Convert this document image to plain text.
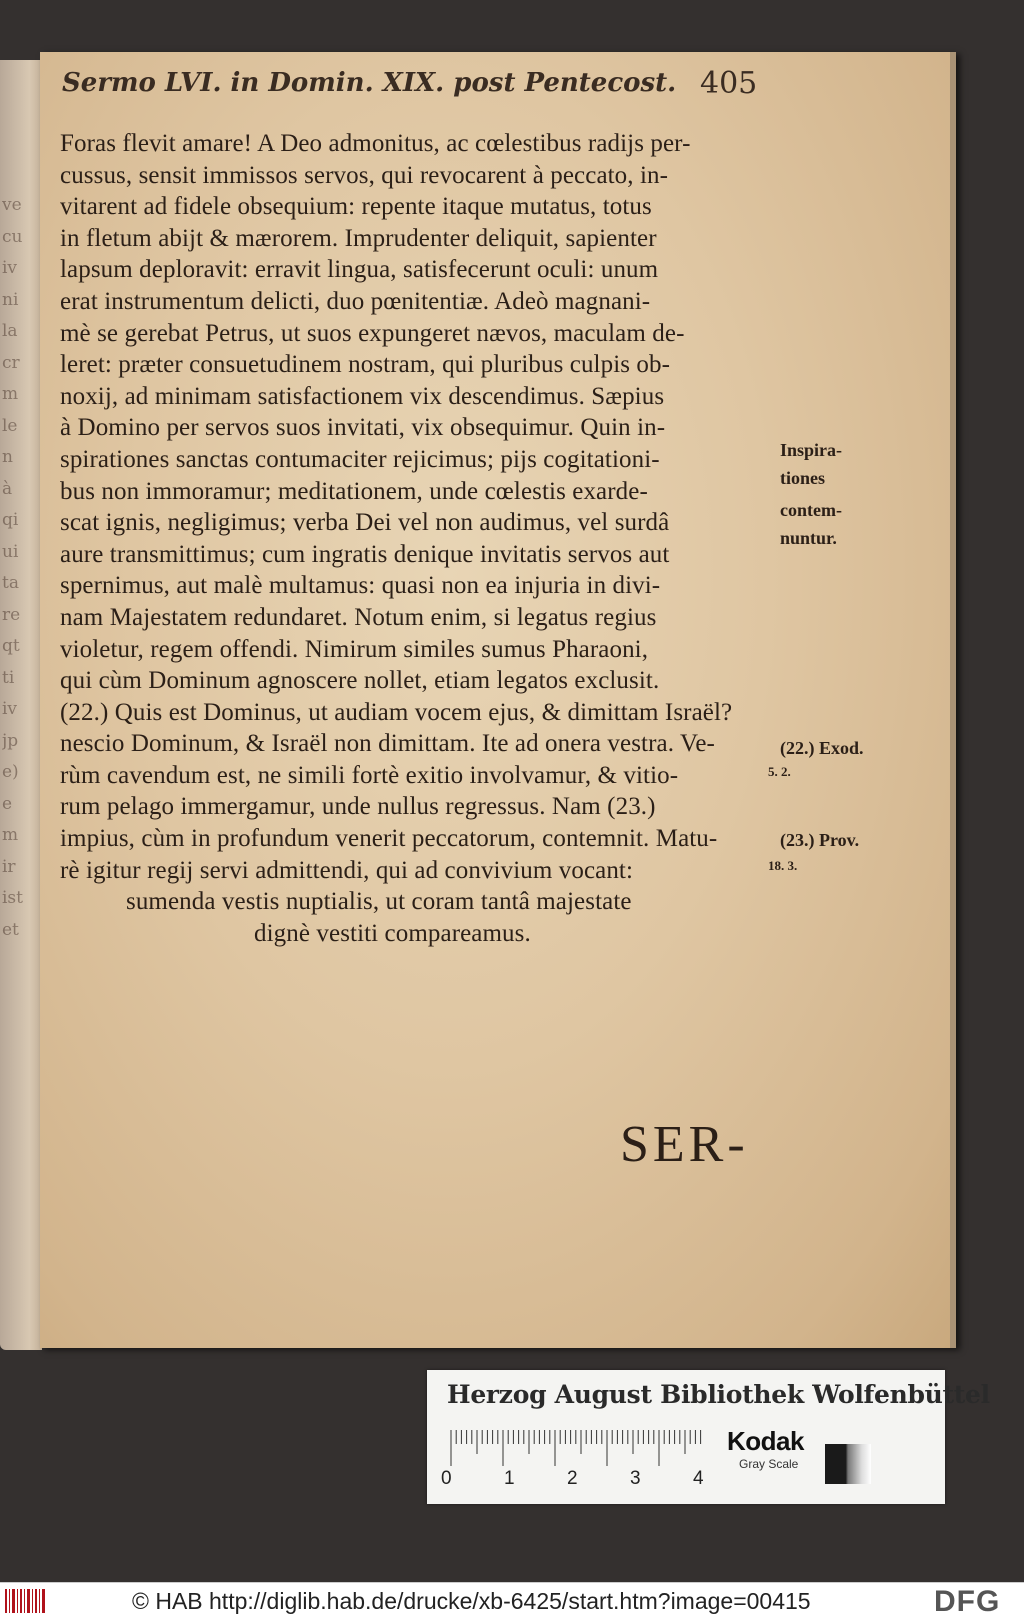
ve
cu
iv
ni
la
cr
m
le
n
à
qi
ui
ta
re
qt
ti
iv
jp
e)
e
m
ir
ist
et
Sermo LVI. in Domin. XIX. post Pentecost. 405
Foras flevit amare! A Deo admonitus, ac cœlestibus radijs per-
cussus, sensit immissos servos, qui revocarent à peccato, in-
vitarent ad fidele obsequium: repente itaque mutatus, totus
in fletum abijt & mærorem. Imprudenter deliquit, sapienter
lapsum deploravit: erravit lingua, satisfecerunt oculi: unum
erat instrumentum delicti, duo pœnitentiæ. Adeò magnani-
mè se gerebat Petrus, ut suos expungeret nævos, maculam de-
leret: præter consuetudinem nostram, qui pluribus culpis ob-
noxij, ad minimam satisfactionem vix descendimus. Sæpius
à Domino per servos suos invitati, vix obsequimur. Quin in-
spirationes sanctas contumaciter rejicimus; pijs cogitationi-
bus non immoramur; meditationem, unde cœlestis exarde-
scat ignis, negligimus; verba Dei vel non audimus, vel surdâ
aure transmittimus; cum ingratis denique invitatis servos aut
spernimus, aut malè multamus: quasi non ea injuria in divi-
nam Majestatem redundaret. Notum enim, si legatus regius
violetur, regem offendi. Nimirum similes sumus Pharaoni,
qui cùm Dominum agnoscere nollet, etiam legatos exclusit.
(22.) Quis est Dominus, ut audiam vocem ejus, & dimittam Israël?
nescio Dominum, & Israël non dimittam. Ite ad onera vestra. Ve-
rùm cavendum est, ne simili fortè exitio involvamur, & vitio-
rum pelago immergamur, unde nullus regressus. Nam (23.)
impius, cùm in profundum venerit peccatorum, contemnit. Matu-
rè igitur regij servi admittendi, qui ad convivium vocant:
sumenda vestis nuptialis, ut coram tantâ majestate
dignè vestiti compareamus.
Inspira-
tiones
contem-
nuntur.
(22.) Exod.
5. 2.
(23.) Prov.
18. 3.
SER-
Herzog August Bibliothek Wolfenbüttel
0	1	2	3	4
Kodak
Gray Scale
© HAB http://diglib.hab.de/drucke/xb-6425/start.htm?image=00415	DFG
